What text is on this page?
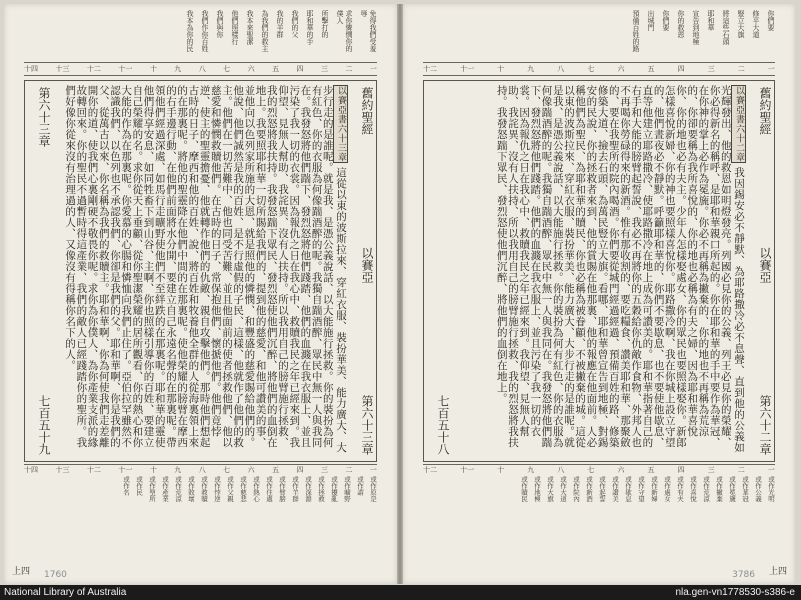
免得我們受羞辱
求你憐憫你的僕人
所擊打的
耶和華的手
我們的父
我的羊群
為我們的救主
我本來聖潔
他們照樣行
我們與你
我們作你百姓
我本為你的民
一
二
三
四
五
六
七
八
九
十
十一
十二
十三
十四
舊約聖經
以賽亞
第六十三章
以賽亞書六十三章 這從以東的波斯拉來、穿紅衣服、裝扮華美、能力廣大、大步行走的是誰呢。就是我、是憑公義說話、以大能施行拯救。你的裝扮為何有紅色、你的衣服為何像踹酒醡的呢。我獨自踹酒醡、眾民中無一人與我同在。我發怒將他們踹下、發烈怒將他們踐踏、他們的血濺在我衣服上、並且污染了我一切的衣裳。因為報仇之日在我心中、救贖我民之年已經來到。我仰望、見無人幫助、我詫異、沒有人扶持。所以我用自己的膀臂施行拯救、我的烈怒將我扶持。我發怒踹下眾民、發烈怒使他們沉醉、將他們的血倒在地上。我要照耶和華一切所賜給我們的、提到他的慈愛、和他可讚美的事、並他向以色列家所施的大恩、就是照他的憐憫、和豐盛的慈愛賜給他們的。他說、他們誠然是我的百姓、是不行虛假的子民、這樣、他就作了他們的救主。他們在一切苦難中、他也同受苦難、並且他面前的使者拯救他們、他以慈愛和憐憫救贖他們。在古時的日子、常保抱他們、懷搋他們。他們竟悖逆、使主的聖靈擔憂、他就轉作他們的仇敵、親自攻擊他們。那時他們想起古時的日子、摩西和他的百姓、說、將百姓和牧養他全群的人從海裏領上來的在那裏呢。將他的聖靈降在他們中間的在那裏呢。使他榮耀的膀臂在摩西的右手邊行動、在他們前面將水分開、要建立自己永遠名聲的在那裏呢。帶領他們經過深處、如馬行走曠野使他們不至絆跌的在那裏呢。耶和華的靈使他們得享安息、如同牲畜下到山谷、主啊、你也照樣引導你的百姓、要建立自己榮耀的名。求你從天上垂顧、從你聖潔榮耀的居所觀看、你的熱心和你大能的作為在那裏呢。你愛慕的心腸和憐恤向我們止住了。亞伯拉罕雖然不認識我們、以色列也不承認我們、你卻是我們的父。耶和華啊、你是我們的父、從萬古以來、你名稱為我們的救贖主。耶和華啊、你為何使我們走差離開你的道、使我們心裏剛硬不敬畏你呢。求你為你僕人、為你產業支派的緣故轉回來。你的聖民不過暫時得這產業、我們的敵人已經踐踏你的聖所。我們好像你從來沒有治理過的人、又像沒有得稱你名下的人。
第六十三章
七百五十九
一
二
三
四
五
六
七
八
九
十
十一
十二
十三
十四
或作原是
或作謂
或作曠野
或作擾亂
或作拯救
或作深淵
或作羊群
或作臂膀
或作住處
或作熱心
或作慈悲
或作父親
或作悖逆
或作救贖
或作敗壞
或作荒涼
或作產業
或作聖所
或作民
或作名
上四 1760
你們要
修平大道
豎立大旗
將這些石頭
耶和華
宣告到地極
你的救恩
你們要
出城門
預備百姓的路
一
二
三
四
五
六
七
八
九
十
十一
十二
舊約聖經
以賽亞
第六十二章
以賽亞書六十二章 我因錫安必不靜默、為耶路撒冷必不息聲、直到他的公義如光輝發出、他的救恩如明燈發亮。列國必見你的公義、列王必見你的榮耀、你必得新名的稱呼、是耶和華親口所起的。你在耶和華的手中要作為華冠、在你神的掌上必作為冕旒。你必不再稱為撇棄的、你的地也不再稱為荒涼的、你卻要稱為我所喜悅的、你的地也必稱為有夫之婦、因為耶和華喜悅你、你的地也必有夫主。少年人怎樣娶處女、你的眾民也要照樣娶你。新郎怎樣喜悅新婦、你的神也要照樣喜悅你。耶路撒冷啊、我在你城上設立守望的、他們晝夜必不靜默。呼籲耶和華的、你們不要歇息、也不要使他歇息、直等他建立耶路撒冷、使耶路撒冷在地上成為可讚美的。耶和華指著自己的右手和大能的膀臂起誓說、我必不再將你的五穀給你仇敵作食物、外邦人也不再喝你勞碌得來的新酒。惟有那收割的、要吃糧食、讚美耶和華、那聚斂的、要在我聖所的院內喝酒。你們要從城門經過經過、預備百姓的路、修築修築大道、撿去石頭、為萬民豎立大旗。看哪、耶和華曾宣告到地極、對錫安的民說、你的拯救者來到、他的賞賜在他那裏、他的報應在他面前。人必稱他們為聖民、為耶和華的贖民、你也必稱為被眷顧、不被撇棄的城。這從以東的波斯拉來、穿紅衣服、裝扮華美、能力廣大、大步行走的是誰呢。就是我、是憑公義說話、以大能施行拯救。你的裝扮為何有紅色、你的衣服為何像踹酒醡的呢。我獨自踹酒醡、眾民中無一人與我同在。我發怒將他們踹下、發烈怒將他們踐踏。他們的血濺在我衣服上、並且污染了我一切的衣裳。因為報仇之日在我心中、救贖我民之年已經來到。我仰望、見無人幫助、我詫異、沒有人扶持、所以我用自己的膀臂施行拯救、我的烈怒將我扶持。我發怒踹下眾民、發烈怒使他們沉醉、將他們的血倒在地上。
七百五十八
一
二
三
四
五
六
七
八
九
十
十一
十二
或作光明
或作公義
或作華冠
或作冕旒
或作撇棄
或作荒涼
或作喜悅
或作有夫
或作處女
或作新婦
或作守望
或作歇息
或作讚美
或作起誓
或作新酒
或作院內
或作大道
或作大旗
或作地極
或作贖民
上四
3786
National Library of Australia	nla.gen-vn1778530-s386-e
